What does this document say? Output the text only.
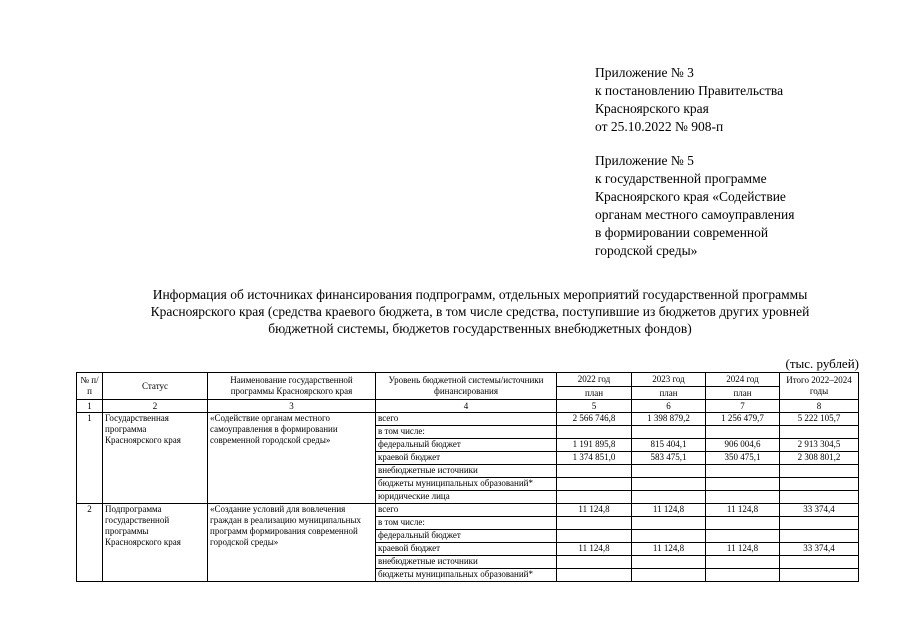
Приложение № 3
к постановлению Правительства
Красноярского края
от 25.10.2022 № 908-п
Приложение № 5
к государственной программе
Красноярского края «Содействие
органам местного самоуправления
в формировании современной
городской среды»
Информация об источниках финансирования подпрограмм, отдельных мероприятий государственной программы
Красноярского края (средства краевого бюджета, в том числе средства, поступившие из бюджетов других уровней
бюджетной системы, бюджетов государственных внебюджетных фондов)
(тыс. рублей)
№ п/п	Статус	Наименование государственной программы Красноярского края	Уровень бюджетной системы/источники финансирования	2022 год	2023 год	2024 год	Итого 2022–2024 годы
				план	план	план	
1	2	3	4	5	6	7	8
1	Государственная программа Красноярского края	«Содействие органам местного самоуправления в формировании современной городской среды»	всего	2 566 746,8	1 398 879,2	1 256 479,7	5 222 105,7
			в том числе:				
			федеральный бюджет	1 191 895,8	815 404,1	906 004,6	2 913 304,5
			краевой бюджет	1 374 851,0	583 475,1	350 475,1	2 308 801,2
			внебюджетные источники				
			бюджеты муниципальных образований*				
			юридические лица				
2	Подпрограмма государственной программы Красноярского края	«Создание условий для вовлечения граждан в реализацию муниципальных программ формирования современной городской среды»	всего	11 124,8	11 124,8	11 124,8	33 374,4
			в том числе:				
			федеральный бюджет				
			краевой бюджет	11 124,8	11 124,8	11 124,8	33 374,4
			внебюджетные источники				
			бюджеты муниципальных образований*				
